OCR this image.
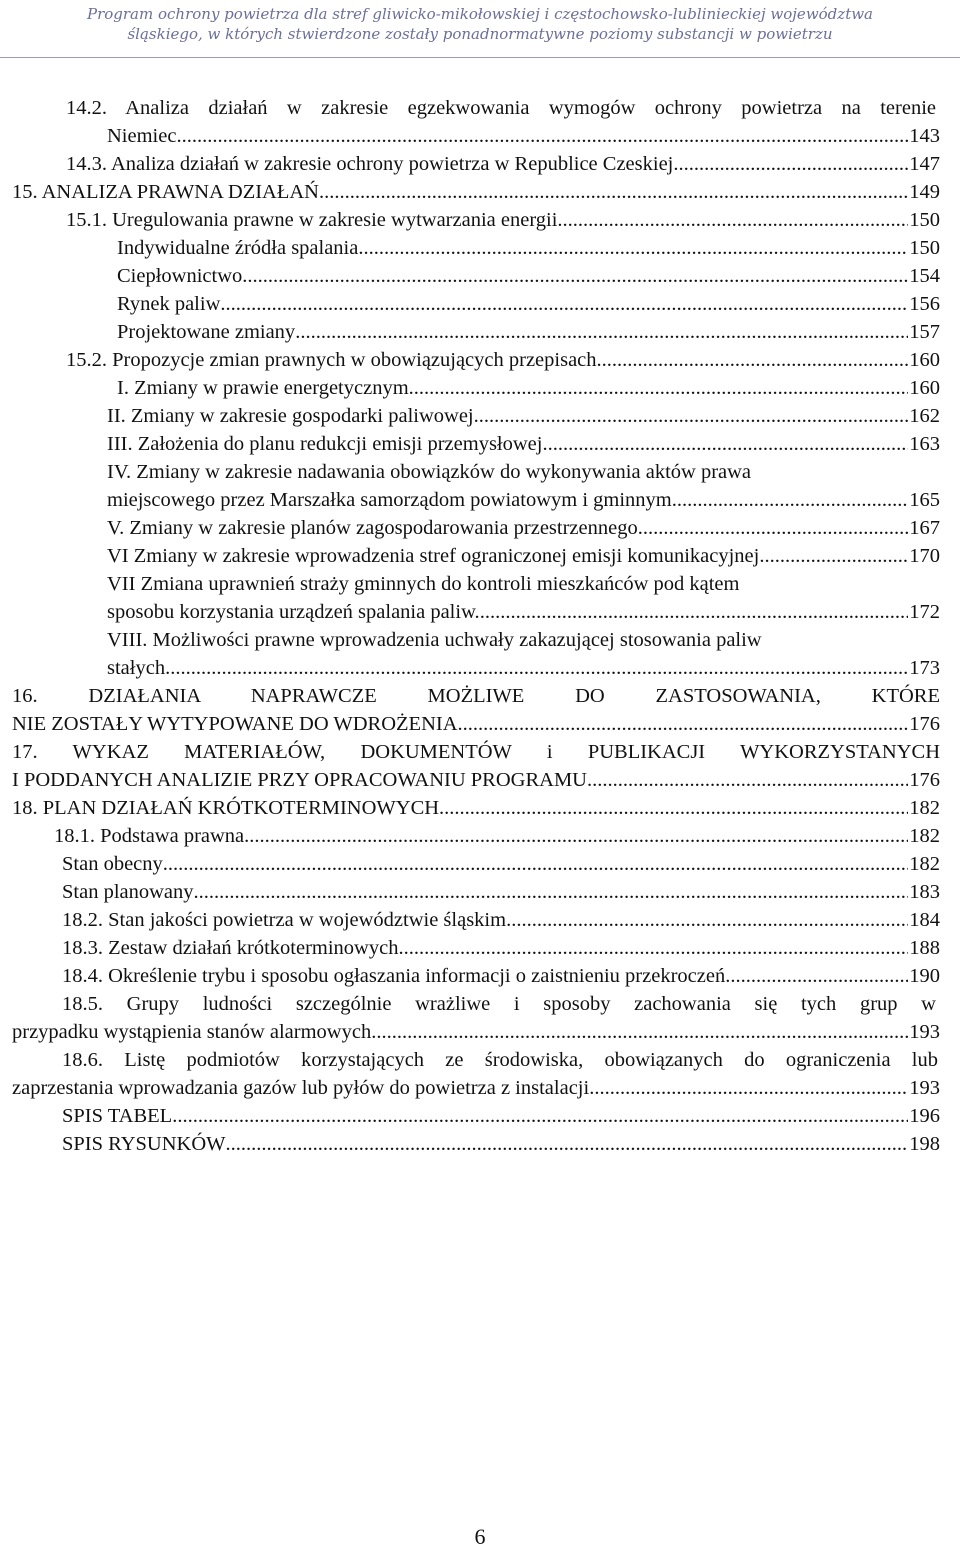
Program ochrony powietrza dla stref gliwicko-mikołowskiej i częstochowsko-lublinieckiej województwa
śląskiego, w których stwierdzone zostały ponadnormatywne poziomy substancji w powietrzu
14.2. Analiza działań w zakresie egzekwowania wymogów ochrony powietrza na terenie
Niemiec .....	143
14.3. Analiza działań w zakresie ochrony powietrza w Republice Czeskiej .....	147
15. ANALIZA PRAWNA DZIAŁAŃ .....	149
15.1. Uregulowania prawne w zakresie wytwarzania energii .....	150
Indywidualne źródła spalania .....	150
Ciepłownictwo .....	154
Rynek paliw .....	156
Projektowane zmiany .....	157
15.2. Propozycje zmian prawnych w obowiązujących przepisach .....	160
I. Zmiany w prawie energetycznym .....	160
II. Zmiany w zakresie gospodarki paliwowej .....	162
III. Założenia do planu redukcji emisji przemysłowej .....	163
IV. Zmiany w zakresie nadawania obowiązków do wykonywania aktów prawa
miejscowego przez Marszałka samorządom powiatowym i gminnym. .....	165
V. Zmiany w zakresie planów zagospodarowania przestrzennego .....	167
VI Zmiany w zakresie wprowadzenia stref ograniczonej emisji komunikacyjnej .....	170
VII Zmiana uprawnień straży gminnych do kontroli mieszkańców pod kątem
sposobu korzystania urządzeń spalania paliw. .....	172
VIII. Możliwości prawne wprowadzenia uchwały zakazującej stosowania paliw
stałych .....	173
16. DZIAŁANIA NAPRAWCZE MOŻLIWE DO ZASTOSOWANIA, KTÓRE
NIE ZOSTAŁY WYTYPOWANE DO WDROŻENIA .....	176
17. WYKAZ MATERIAŁÓW, DOKUMENTÓW i PUBLIKACJI WYKORZYSTANYCH
I PODDANYCH ANALIZIE PRZY OPRACOWANIU PROGRAMU .....	176
18. PLAN DZIAŁAŃ KRÓTKOTERMINOWYCH .....	182
18.1. Podstawa prawna .....	182
Stan obecny .....	182
Stan planowany .....	183
18.2. Stan jakości powietrza w województwie śląskim .....	184
18.3. Zestaw działań krótkoterminowych .....	188
18.4. Określenie trybu i sposobu ogłaszania informacji o zaistnieniu przekroczeń .....	190
18.5. Grupy ludności szczególnie wrażliwe i sposoby zachowania się tych grup w
przypadku wystąpienia stanów alarmowych .....	193
18.6. Listę podmiotów korzystających ze środowiska, obowiązanych do ograniczenia lub
zaprzestania wprowadzania gazów lub pyłów do powietrza z instalacji .....	193
SPIS TABEL .....	196
SPIS RYSUNKÓW .....	198
6
